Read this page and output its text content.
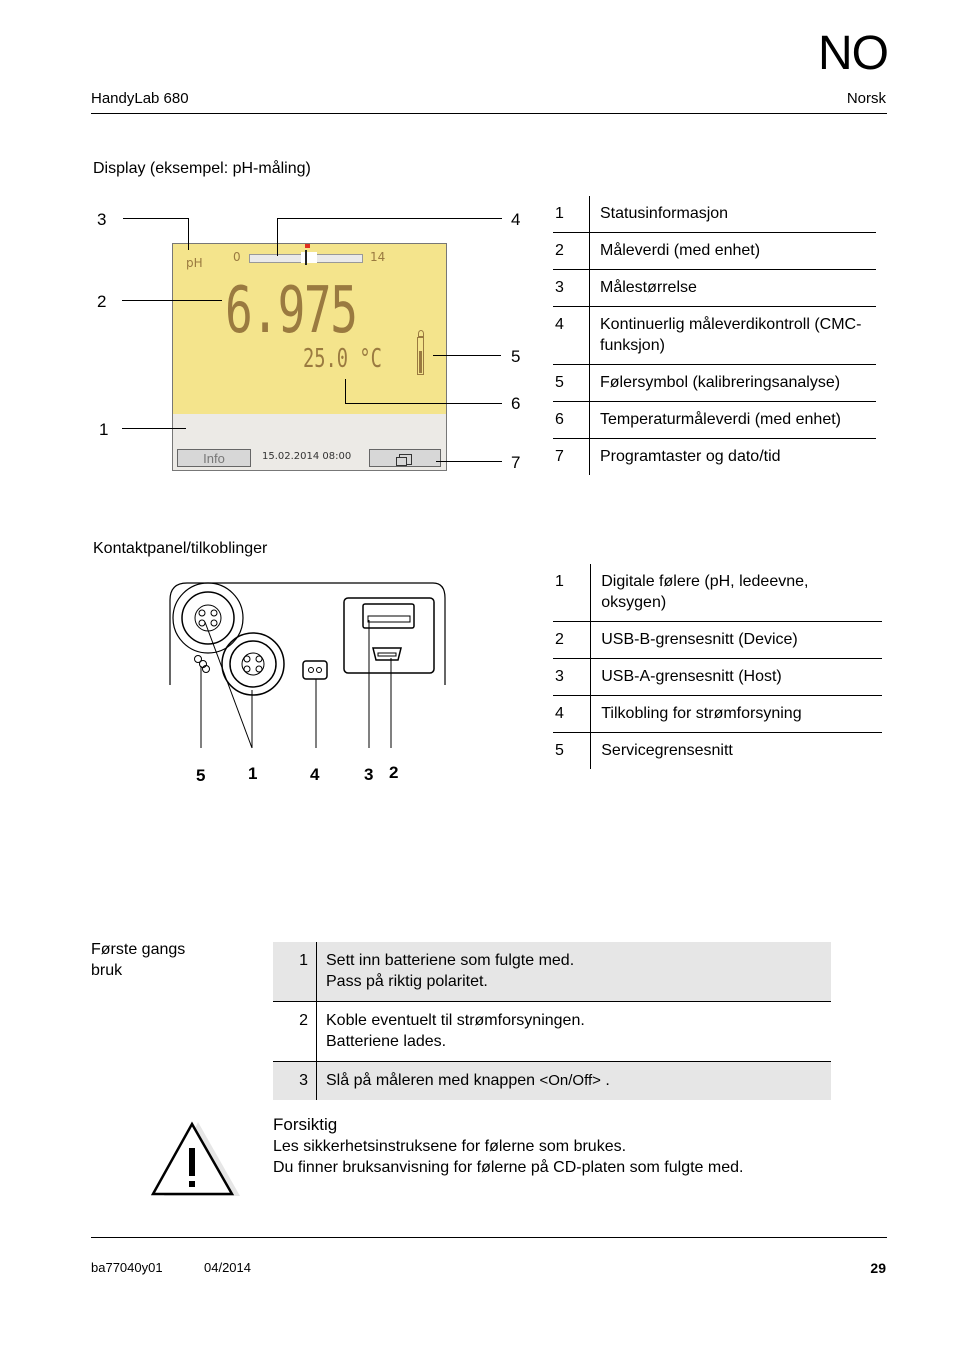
NO
HandyLab 680	Norsk
Display (eksempel: pH-måling)
pH	0	14
6.975
25.0 °C
Info	15.02.2014 08:00
3
2
1
4
5
6
7
1	Statusinformasjon
2	Måleverdi (med enhet)
3	Målestørrelse
4	Kontinuerlig måleverdikontroll (CMC-funksjon)
5	Følersymbol (kalibreringsanalyse)
6	Temperaturmåleverdi (med enhet)
7	Programtaster og dato/tid
Kontaktpanel/tilkoblinger
5	1	4	3 2
1	Digitale følere (pH, ledeevne, oksygen)
2	USB-B-grensesnitt (Device)
3	USB-A-grensesnitt (Host)
4	Tilkobling for strømforsyning
5	Servicegrensesnitt
Første gangs
bruk
1	Sett inn batteriene som fulgte med.
Pass på riktig polaritet.

2	Koble eventuelt til strømforsyningen.
Batteriene lades.

3	Slå på måleren med knappen <On/Off> .
Forsiktig
Les sikkerhetsinstruksene for følerne som brukes.
Du finner bruksanvisning for følerne på CD-platen som fulgte med.
ba77040y01	04/2014	29
